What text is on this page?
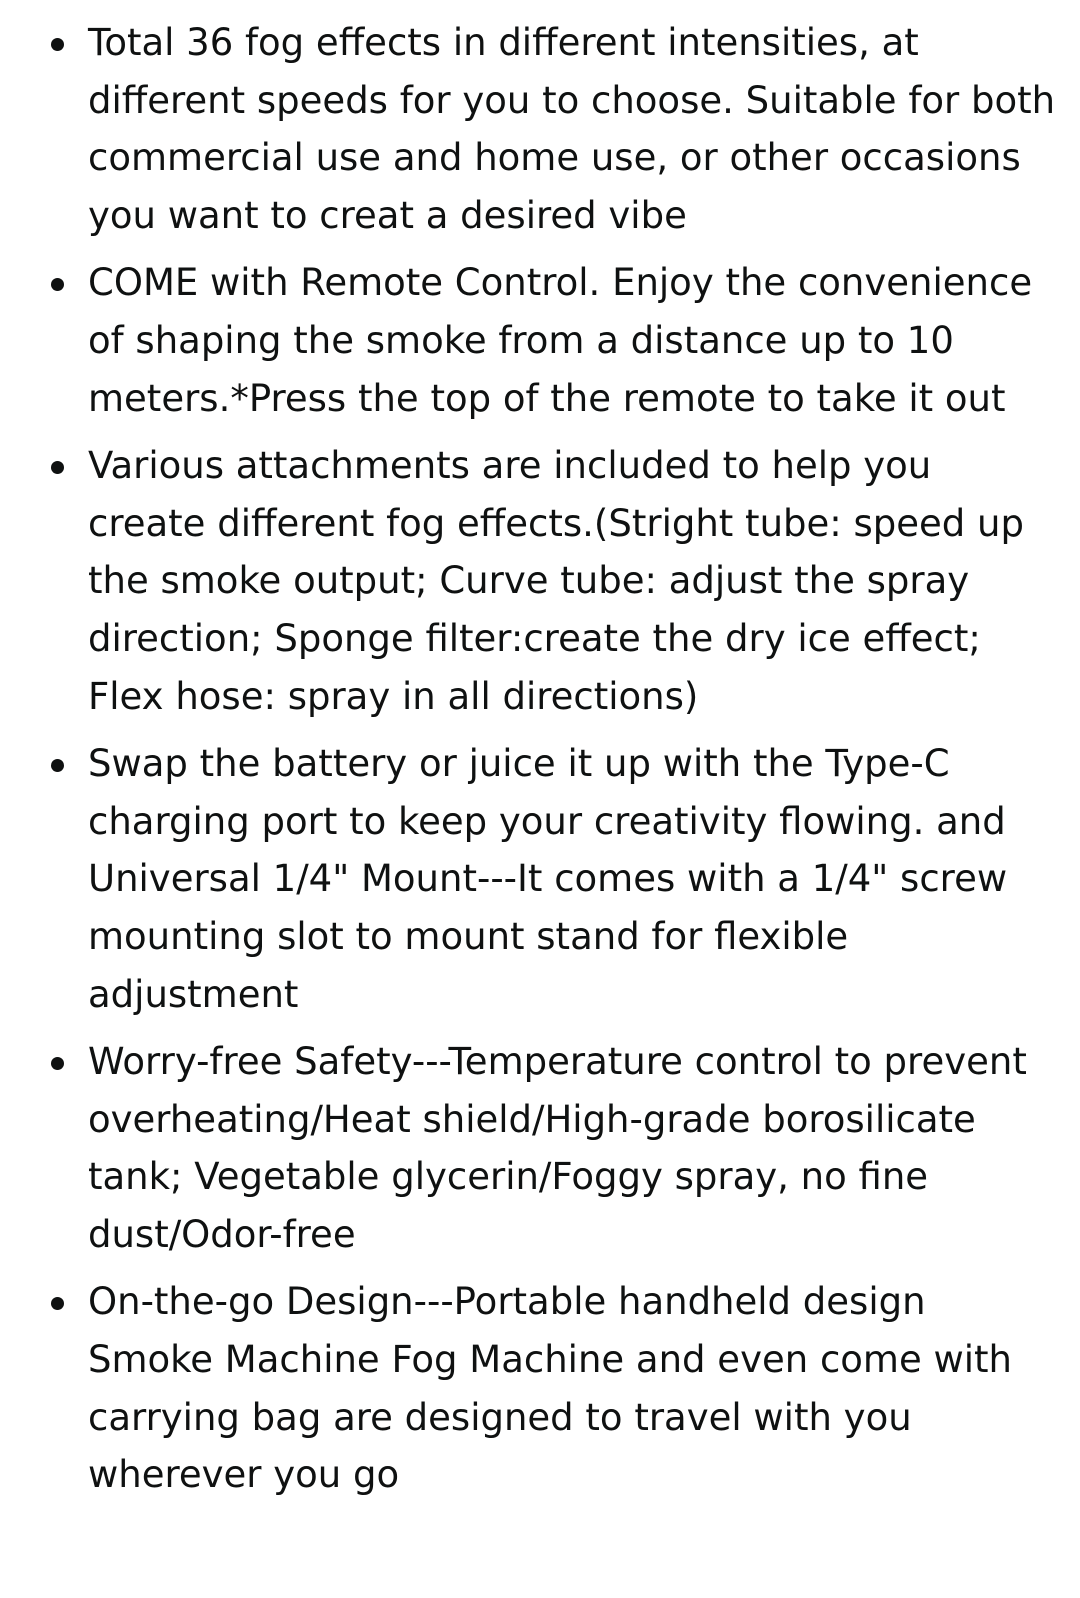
Total 36 fog effects in different intensities, at different speeds for you to choose. Suitable for both commercial use and home use, or other occasions you want to creat a desired vibe
COME with Remote Control. Enjoy the convenience of shaping the smoke from a distance up to 10 meters.*Press the top of the remote to take it out
Various attachments are included to help you create different fog effects.(Stright tube: speed up the smoke output; Curve tube: adjust the spray direction; Sponge filter:create the dry ice effect; Flex hose: spray in all directions)
Swap the battery or juice it up with the Type-C charging port to keep your creativity flowing. and Universal 1/4" Mount---It comes with a 1/4" screw mounting slot to mount stand for flexible adjustment
Worry-free Safety---Temperature control to prevent overheating/Heat shield/High-grade borosilicate tank; Vegetable glycerin/Foggy spray, no fine dust/Odor-free
On-the-go Design---Portable handheld design Smoke Machine Fog Machine and even come with carrying bag are designed to travel with you wherever you go
